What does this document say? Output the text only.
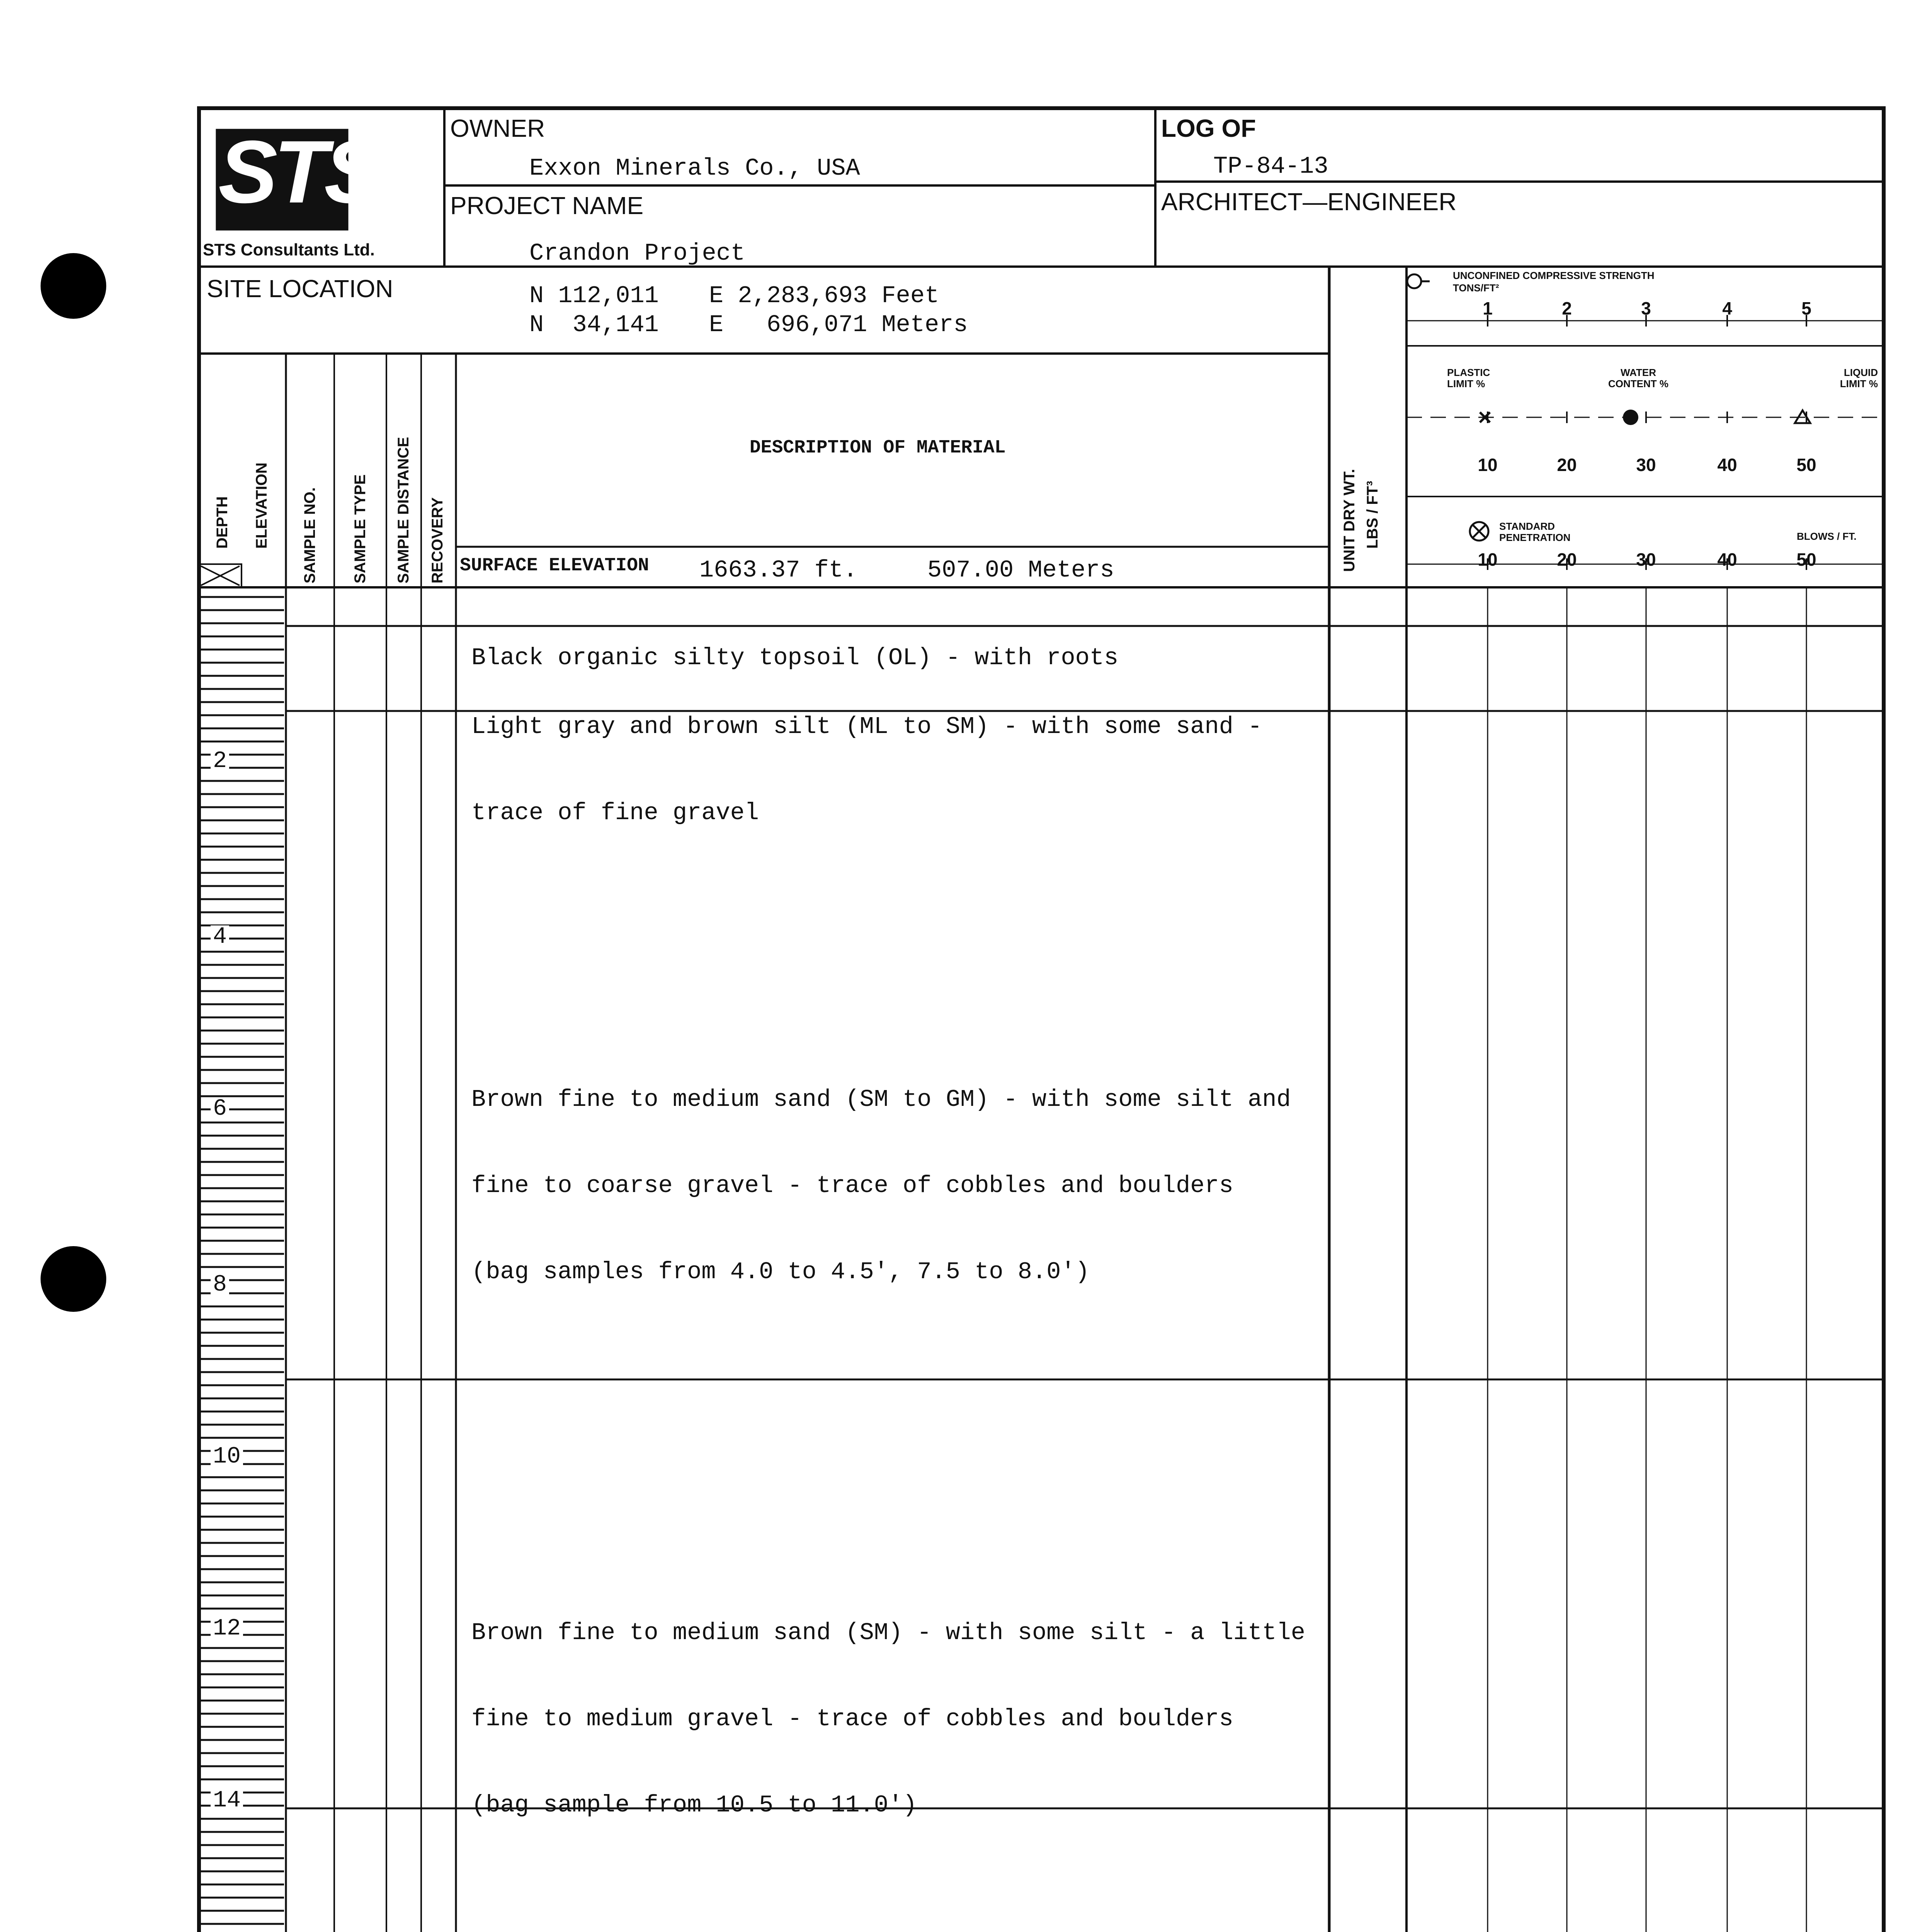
STS
STS Consultants Ltd.
OWNER
Exxon Minerals Co., USA
PROJECT NAME
Crandon Project
LOG OF
TP-84-13
ARCHITECT—ENGINEER
SITE LOCATION	N 112,011 E 2,283,693 Feet
N  34,141 E   696,071 Meters
DEPTH ELEVATION SAMPLE NO. SAMPLE TYPE SAMPLE DISTANCE RECOVERY	UNIT DRY WT. LBS / FT³
DESCRIPTION OF MATERIAL
SURFACE ELEVATION 1663.37 ft.	507.00 Meters
UNCONFINED COMPRESSIVE STRENGTH
TONS/FT²
1	2	3	4	5
PLASTIC LIMIT %
WATER CONTENT %
LIQUID LIMIT %
10	20	30	40	50
STANDARD PENETRATION	BLOWS / FT.
10	20	30	40	50
2
4
6
8
10
12
14

Black organic silty topsoil (OL) - with roots

Light gray and brown silt (ML to SM) - with some sand -

trace of fine gravel

Brown fine to medium sand (SM to GM) - with some silt and

fine to coarse gravel - trace of cobbles and boulders

(bag samples from 4.0 to 4.5', 7.5 to 8.0')

Brown fine to medium sand (SM) - with some silt - a little

fine to medium gravel - trace of cobbles and boulders

(bag sample from 10.5 to 11.0')
